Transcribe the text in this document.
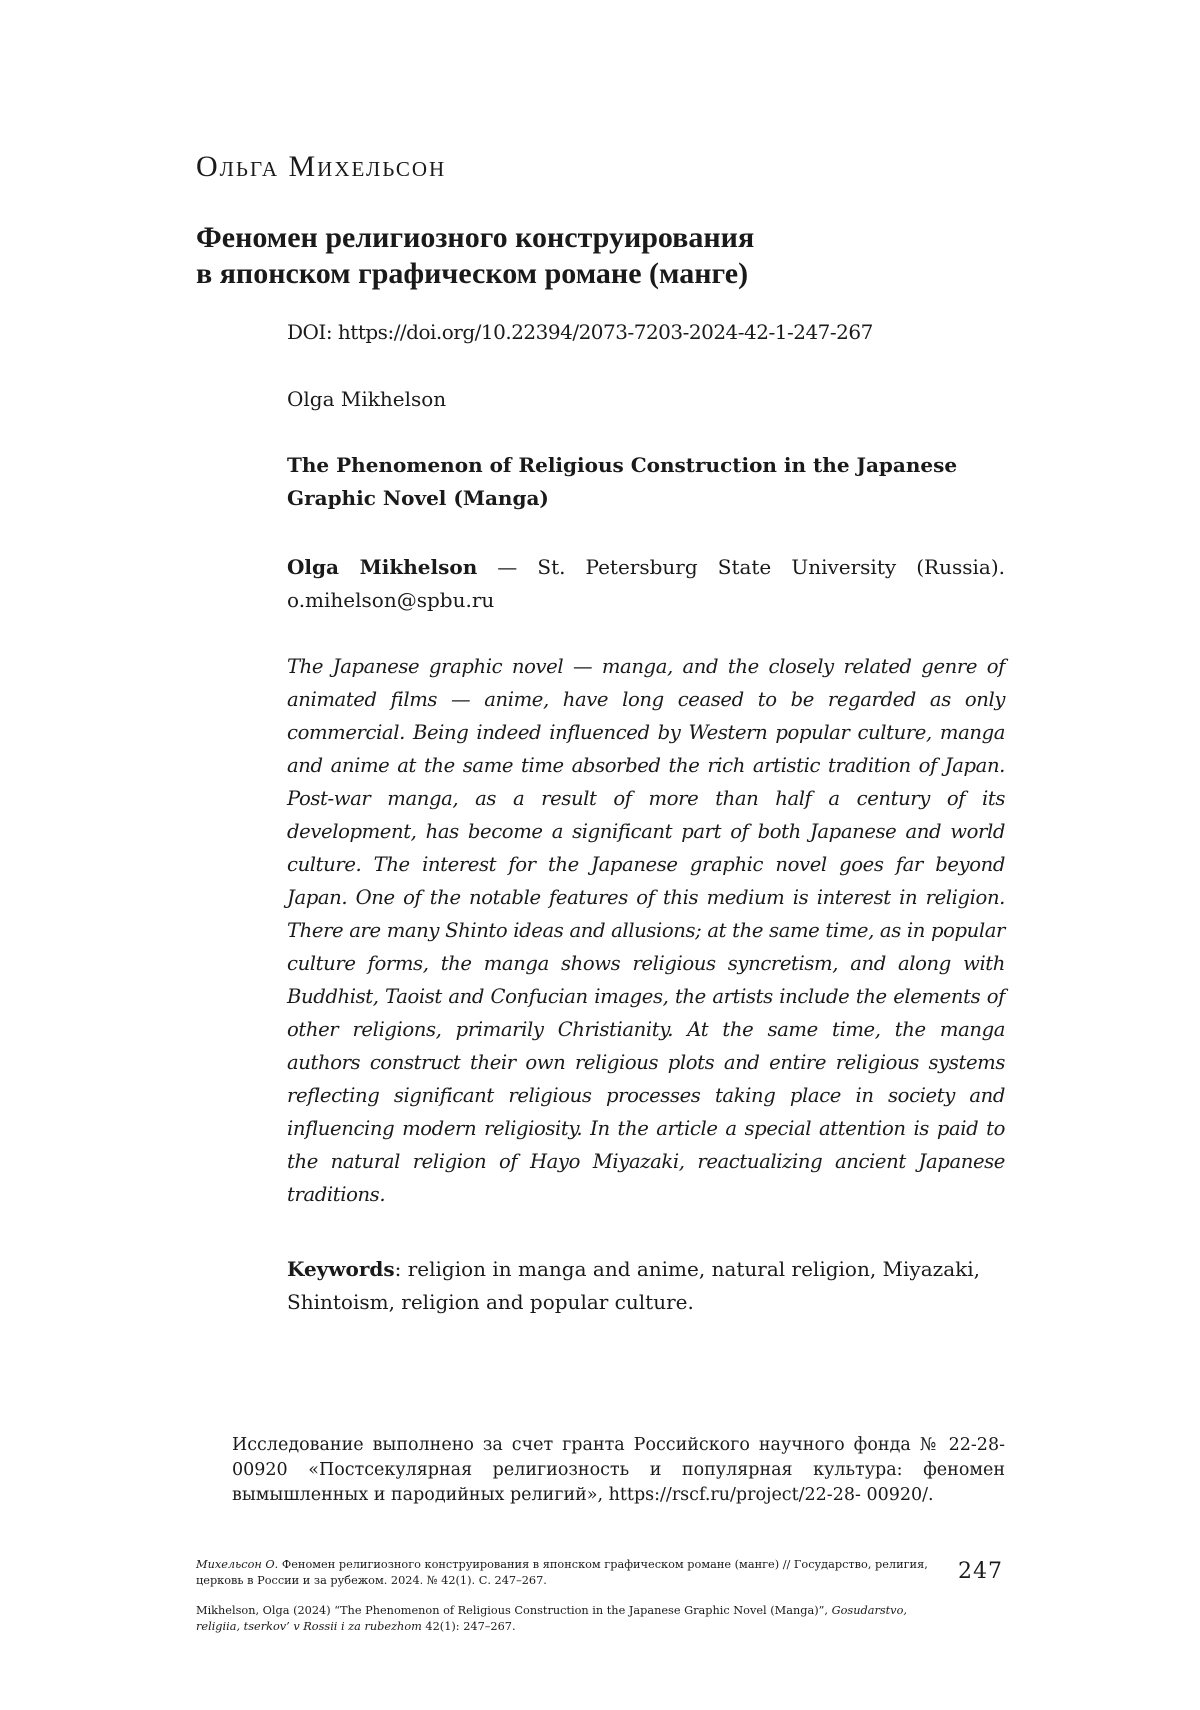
Ольга Михельсон
Феномен религиозного конструирования
в японском графическом романе (манге)
DOI: https://doi.org/10.22394/2073-7203-2024-42-1-247-267
Olga Mikhelson
The Phenomenon of Religious Construction in the Japanese Graphic Novel (Manga)
Olga Mikhelson — St. Petersburg State University (Russia). o.mihelson@spbu.ru
The Japanese graphic novel — manga, and the closely related genre of animated films — anime, have long ceased to be regarded as only commercial. Being indeed influenced by Western popular culture, manga and anime at the same time absorbed the rich artistic tradition of Japan. Post-war manga, as a result of more than half a century of its development, has become a significant part of both Japanese and world culture. The interest for the Japanese graphic novel goes far beyond Japan. One of the notable features of this medium is interest in religion. There are many Shinto ideas and allusions; at the same time, as in popular culture forms, the manga shows religious syncretism, and along with Buddhist, Taoist and Confucian images, the artists include the elements of other religions, primarily Christianity. At the same time, the manga authors construct their own religious plots and entire religious systems reflecting significant religious processes taking place in society and influencing modern religiosity. In the article a special attention is paid to the natural religion of Hayo Miyazaki, reactualizing ancient Japanese traditions.
Keywords: religion in manga and anime, natural religion, Miyazaki, Shintoism, religion and popular culture.
Исследование выполнено за счет гранта Российского научного фонда № 22-28-00920 «Постсекулярная религиозность и популярная культура: феномен вымышленных и пародийных религий», https://rscf.ru/project/22-28- 00920/.
Михельсон О. Феномен религиозного конструирования в японском графическом романе (манге) // Государство, религия, церковь в России и за рубежом. 2024. № 42(1). С. 247–267.
Mikhelson, Olga (2024) “The Phenomenon of Religious Construction in the Japanese Graphic Novel (Manga)”, Gosudarstvo, religiia, tserkov’ v Rossii i za rubezhom 42(1): 247–267.
247
